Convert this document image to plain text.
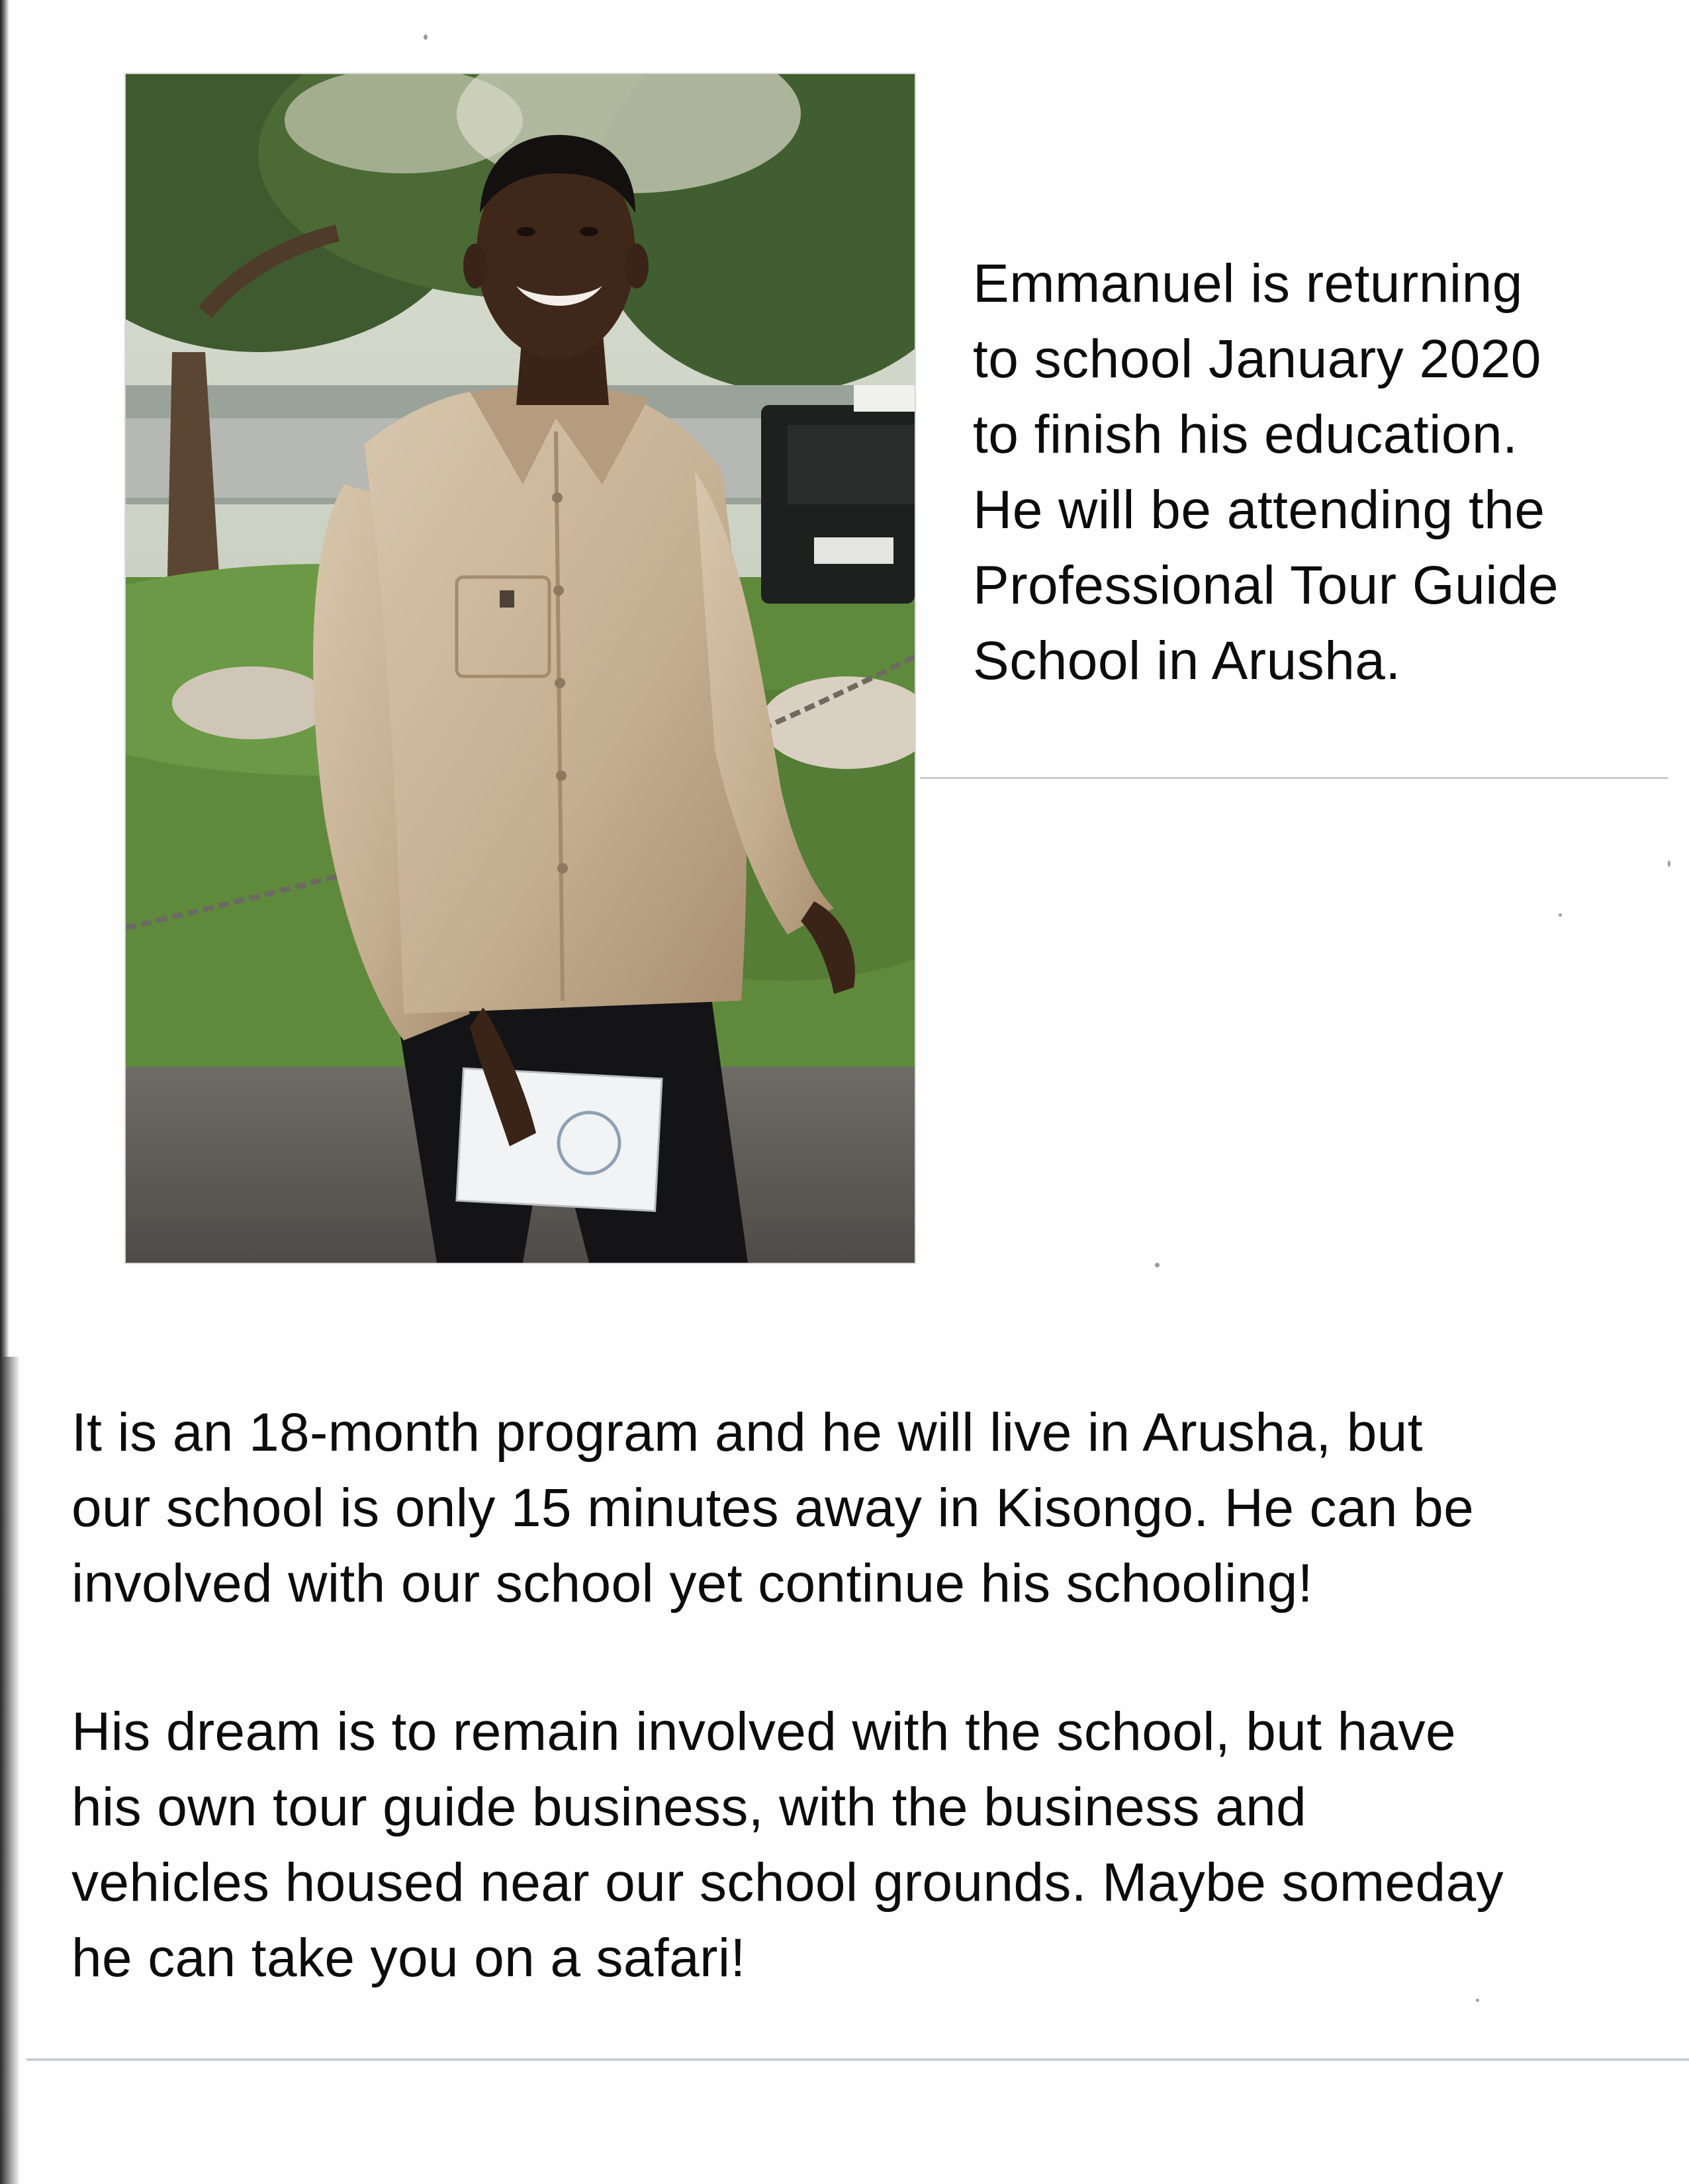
Emmanuel is returning
to school January 2020
to finish his education.
He will be attending the
Professional Tour Guide
School in Arusha.

It is an 18-month program and he will live in Arusha, but
our school is only 15 minutes away in Kisongo. He can be
involved with our school yet continue his schooling!

His dream is to remain involved with the school, but have
his own tour guide business, with the business and
vehicles housed near our school grounds. Maybe someday
he can take you on a safari!
